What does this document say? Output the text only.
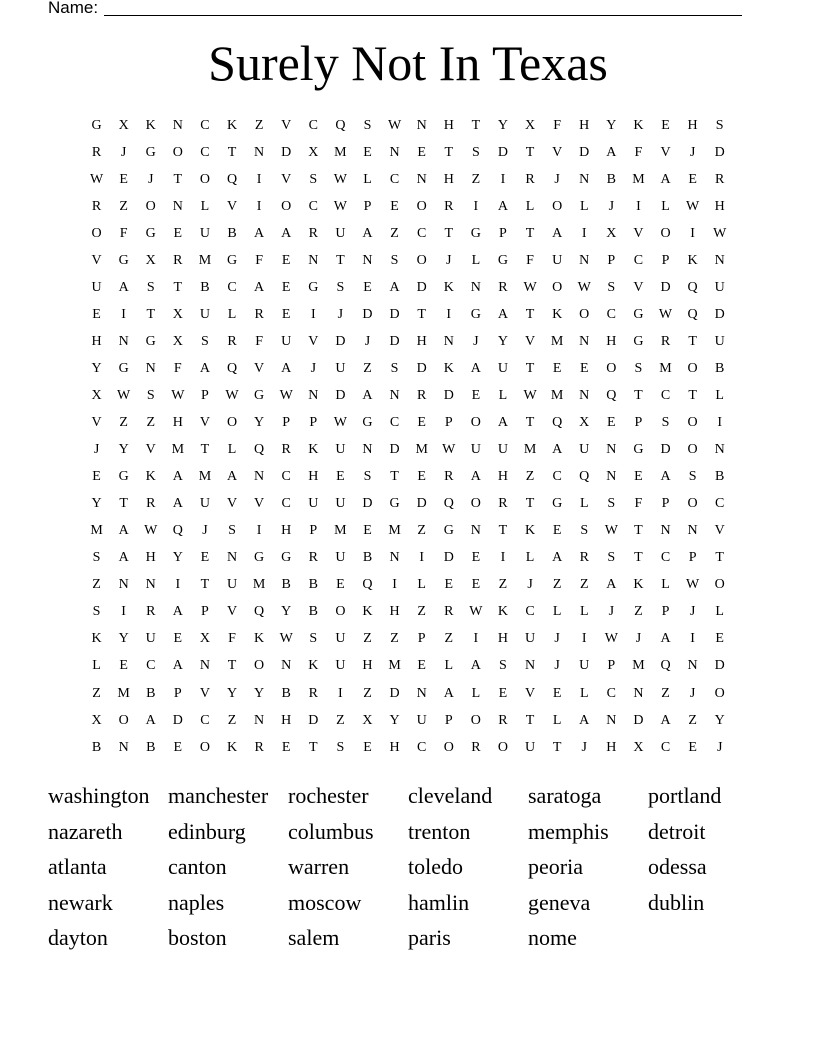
Name:
Surely Not In Texas
G	X	K	N	C	K	Z	V	C	Q	S	W	N	H	T	Y	X	F	H	Y	K	E	H	S
R	J	G	O	C	T	N	D	X	M	E	N	E	T	S	D	T	V	D	A	F	V	J	D
W	E	J	T	O	Q	I	V	S	W	L	C	N	H	Z	I	R	J	N	B	M	A	E	R
R	Z	O	N	L	V	I	O	C	W	P	E	O	R	I	A	L	O	L	J	I	L	W	H
O	F	G	E	U	B	A	A	R	U	A	Z	C	T	G	P	T	A	I	X	V	O	I	W
V	G	X	R	M	G	F	E	N	T	N	S	O	J	L	G	F	U	N	P	C	P	K	N
U	A	S	T	B	C	A	E	G	S	E	A	D	K	N	R	W	O	W	S	V	D	Q	U
E	I	T	X	U	L	R	E	I	J	D	D	T	I	G	A	T	K	O	C	G	W	Q	D
H	N	G	X	S	R	F	U	V	D	J	D	H	N	J	Y	V	M	N	H	G	R	T	U
Y	G	N	F	A	Q	V	A	J	U	Z	S	D	K	A	U	T	E	E	O	S	M	O	B
X	W	S	W	P	W	G	W	N	D	A	N	R	D	E	L	W	M	N	Q	T	C	T	L
V	Z	Z	H	V	O	Y	P	P	W	G	C	E	P	O	A	T	Q	X	E	P	S	O	I
J	Y	V	M	T	L	Q	R	K	U	N	D	M	W	U	U	M	A	U	N	G	D	O	N
E	G	K	A	M	A	N	C	H	E	S	T	E	R	A	H	Z	C	Q	N	E	A	S	B
Y	T	R	A	U	V	V	C	U	U	D	G	D	Q	O	R	T	G	L	S	F	P	O	C
M	A	W	Q	J	S	I	H	P	M	E	M	Z	G	N	T	K	E	S	W	T	N	N	V
S	A	H	Y	E	N	G	G	R	U	B	N	I	D	E	I	L	A	R	S	T	C	P	T
Z	N	N	I	T	U	M	B	B	E	Q	I	L	E	E	Z	J	Z	Z	A	K	L	W	O
S	I	R	A	P	V	Q	Y	B	O	K	H	Z	R	W	K	C	L	L	J	Z	P	J	L
K	Y	U	E	X	F	K	W	S	U	Z	Z	P	Z	I	H	U	J	I	W	J	A	I	E
L	E	C	A	N	T	O	N	K	U	H	M	E	L	A	S	N	J	U	P	M	Q	N	D
Z	M	B	P	V	Y	Y	B	R	I	Z	D	N	A	L	E	V	E	L	C	N	Z	J	O
X	O	A	D	C	Z	N	H	D	Z	X	Y	U	P	O	R	T	L	A	N	D	A	Z	Y
B	N	B	E	O	K	R	E	T	S	E	H	C	O	R	O	U	T	J	H	X	C	E	J
washington manchester rochester	cleveland	saratoga	portland
nazareth	edinburg	columbus	trenton	memphis	detroit
atlanta	canton	warren	toledo	peoria	odessa
newark	naples	moscow	hamlin	geneva	dublin
dayton	boston	salem	paris	nome
